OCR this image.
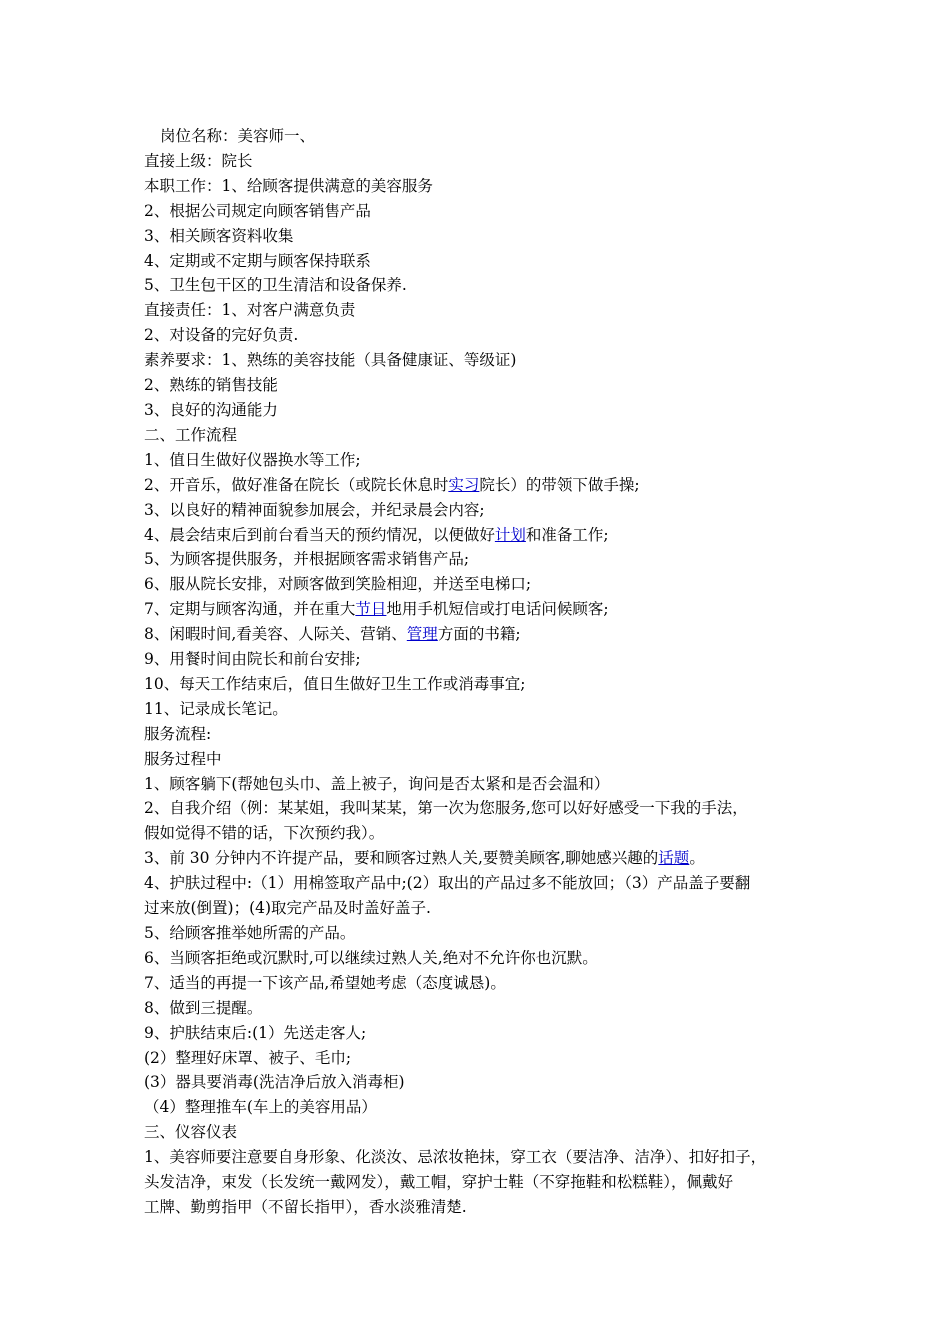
岗位名称：美容师一、
直接上级：院长
本职工作：1、给顾客提供满意的美容服务
2、根据公司规定向顾客销售产品
3、相关顾客资料收集
4、定期或不定期与顾客保持联系
5、卫生包干区的卫生清洁和设备保养.
直接责任：1、对客户满意负责
2、对设备的完好负责.
素养要求：1、熟练的美容技能（具备健康证、等级证)
2、熟练的销售技能
3、良好的沟通能力
二、工作流程
1、值日生做好仪器换水等工作;
2、开音乐，做好准备在院长（或院长休息时实习院长）的带领下做手操;
3、以良好的精神面貌参加展会，并纪录晨会内容;
4、晨会结束后到前台看当天的预约情况，以便做好计划和准备工作;
5、为顾客提供服务，并根据顾客需求销售产品;
6、服从院长安排，对顾客做到笑脸相迎，并送至电梯口;
7、定期与顾客沟通，并在重大节日地用手机短信或打电话问候顾客;
8、闲暇时间,看美容、人际关、营销、管理方面的书籍;
9、用餐时间由院长和前台安排;
10、每天工作结束后，值日生做好卫生工作或消毒事宜;
11、记录成长笔记。
服务流程:
服务过程中
1、顾客躺下(帮她包头巾、盖上被子，询问是否太紧和是否会温和）
2、自我介绍（例：某某姐，我叫某某，第一次为您服务,您可以好好感受一下我的手法，
假如觉得不错的话，下次预约我）。
3、前 30 分钟内不许提产品，要和顾客过熟人关,要赞美顾客,聊她感兴趣的话题。
4、护肤过程中:（1）用棉签取产品中;(2）取出的产品过多不能放回；（3）产品盖子要翻
过来放(倒置)；(4)取完产品及时盖好盖子.
5、给顾客推举她所需的产品。
6、当顾客拒绝或沉默时,可以继续过熟人关,绝对不允许你也沉默。
7、适当的再提一下该产品,希望她考虑（态度诚恳)。
8、做到三提醒。
9、护肤结束后:(1）先送走客人;
(2）整理好床罩、被子、毛巾;
(3）器具要消毒(洗洁净后放入消毒柜)
（4）整理推车(车上的美容用品）
三、仪容仪表
1、美容师要注意要自身形象、化淡汝、忌浓妆艳抹，穿工衣（要洁净、洁净）、扣好扣子，
头发洁净，束发（长发统一戴网发），戴工帽，穿护士鞋（不穿拖鞋和松糕鞋），佩戴好
工牌、勤剪指甲（不留长指甲），香水淡雅清楚.
